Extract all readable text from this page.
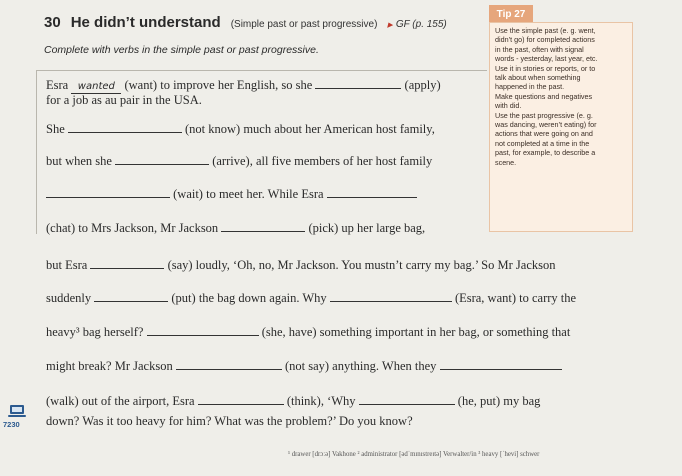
30 He didn’t understand (Simple past or past progressive) ▶ GF (p. 155)
Complete with verbs in the simple past or past progressive.
Tip 27
Use the simple past (e. g. went,
didn’t go) for completed actions
in the past, often with signal
words - yesterday, last year, etc.
Use it in stories or reports, or to
talk about when something
happened in the past.
Make questions and negatives
with did.
Use the past progressive (e. g.
was dancing, weren’t eating) for
actions that were going on and
not completed at a time in the
past, for example, to describe a
scene.
Esra wanted (want) to improve her English, so she	(apply)
for a job as au pair in the USA.
She	(not know) much about her American host family,
but when she	(arrive), all five members of her host family
(wait) to meet her. While Esra
(chat) to Mrs Jackson, Mr Jackson	(pick) up her large bag,
but Esra	(say) loudly, ‘Oh, no, Mr Jackson. You mustn’t carry my bag.’ So Mr Jackson
suddenly	(put) the bag down again. Why	(Esra, want) to carry the
heavy³ bag herself?	(she, have) something important in her bag, or something that
might break? Mr Jackson	(not say) anything. When they
(walk) out of the airport, Esra	(think), ‘Why	(he, put) my bag
down? Was it too heavy for him? What was the problem?’ Do you know?
7230
¹ drawer [drɔːə] Vakhone ² administrator [ədˈmɪnɪstreɪtə] Verwalter/in ³ heavy [ˈhevi] schwer
